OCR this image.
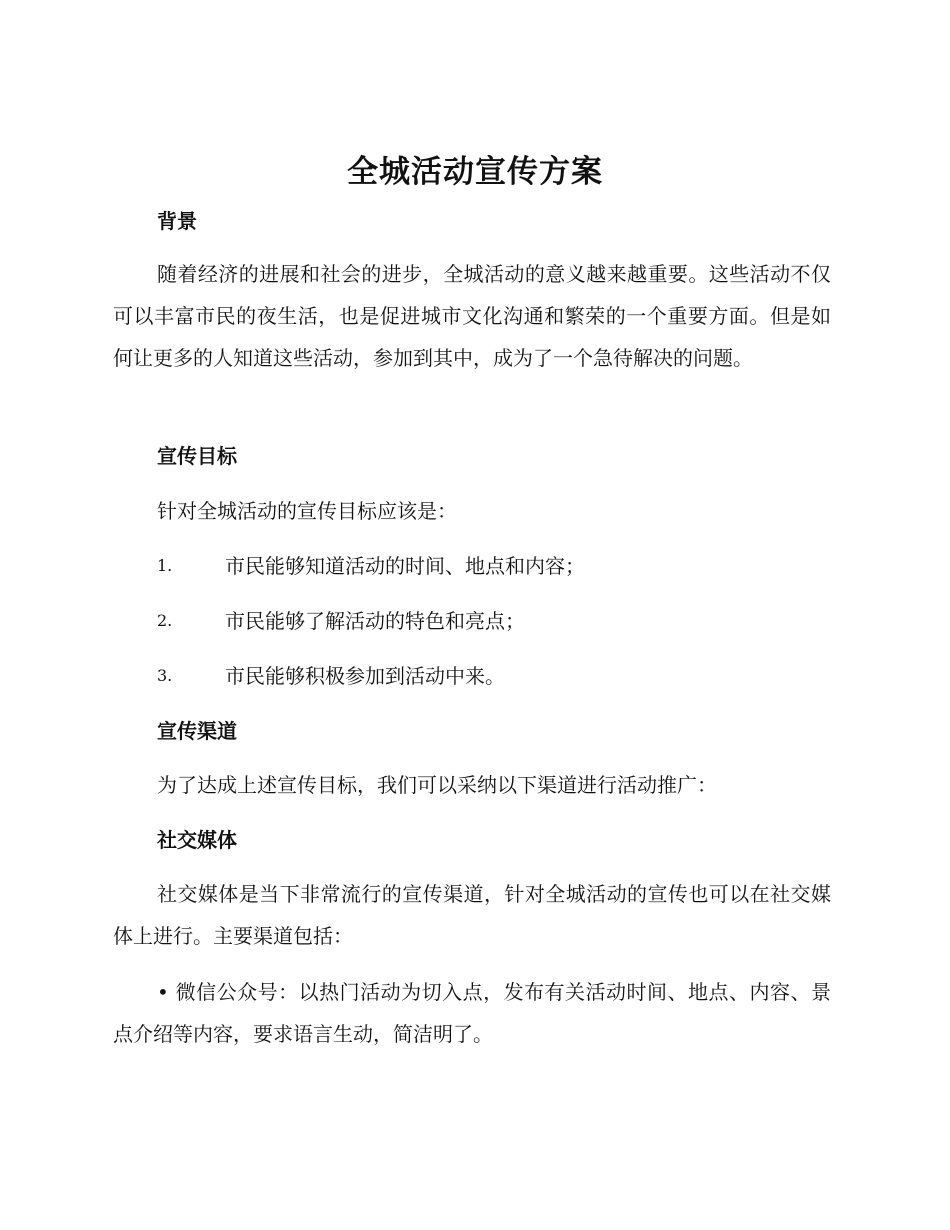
全城活动宣传方案
背景
随着经济的进展和社会的进步，全城活动的意义越来越重要。这些活动不仅可以丰富市民的夜生活，也是促进城市文化沟通和繁荣的一个重要方面。但是如何让更多的人知道这些活动，参加到其中，成为了一个急待解决的问题。
宣传目标
针对全城活动的宣传目标应该是：
1.	市民能够知道活动的时间、地点和内容；
2.	市民能够了解活动的特色和亮点；
3.	市民能够积极参加到活动中来。
宣传渠道
为了达成上述宣传目标，我们可以采纳以下渠道进行活动推广：
社交媒体
社交媒体是当下非常流行的宣传渠道，针对全城活动的宣传也可以在社交媒体上进行。主要渠道包括：
• 微信公众号：以热门活动为切入点，发布有关活动时间、地点、内容、景点介绍等内容，要求语言生动，简洁明了。
